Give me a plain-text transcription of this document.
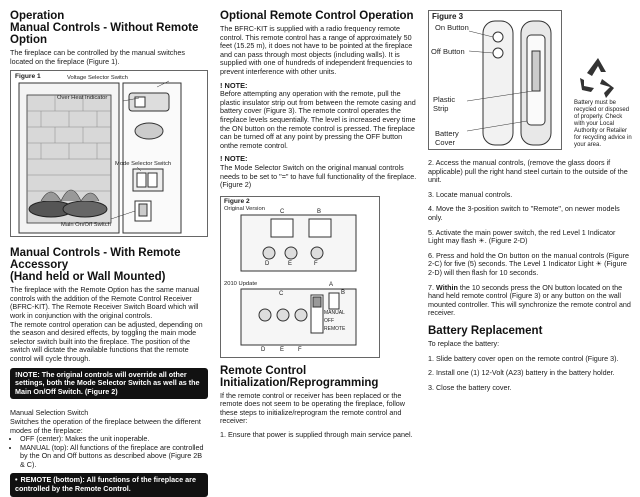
Operation
Manual Controls - Without Remote Option

The fireplace can be controlled by the manual switches located on the fireplace (Figure 1).

Figure 1	Voltage Selector Switch
Over Heat Indicator
Mode Selector Switch
Main On/Off Switch
Manual Controls - With Remote Accessory
(Hand held or Wall Mounted)

The fireplace with the Remote Option has the same manual controls with the addition of the Remote Control Receiver (BFRC-KIT). The Remote Receiver Switch Board which will work in conjunction with the original controls.

The remote control operation can be adjusted, depending on the season and desired effects, by toggling the main mode selector switch built into the fireplace. The position of the switch will dictate the available functions that the remote control will cycle through.

!NOTE: The original controls will override all other settings, both the Mode Selector Switch as well as the Main On/Off Switch. (Figure 2)

Manual Selection Switch

Switches the operation of the fireplace between the different modes of the fireplace:

• OFF (center): Makes the unit inoperable.
• MANUAL (top): All functions of the fireplace are controlled by the On and Off buttons as described above (Figure 2B & C).
• REMOTE (bottom): All functions of the fireplace are controlled by the Remote Control.
Optional Remote Control Operation

The BFRC-KIT is supplied with a radio frequency remote control. This remote control has a range of approximately 50 feet (15.25 m), it does not have to be pointed at the fireplace and can pass through most objects (including walls). It is supplied with one of hundreds of independent frequencies to prevent interference with other units.

! NOTE:

Before attempting any operation with the remote, pull the plastic insulator strip out from between the remote casing and battery cover (Figure 3). The remote control operates the fireplace levels sequentially. The level is increased every time the ON button on the remote control is pressed. The fireplace can be turned off at any point by pressing the OFF button onthe remote control.

! NOTE:

The Mode Selector Switch on the original manual controls needs to be set to "=" to have full functionality of the fireplace. (Figure 2)

Figure 2
Original Version
2010 Update
C	B
D	E	F
A
B
C
MANUAL
OFF
REMOTE
D E F
Remote Control
Initialization/Reprogramming

If the remote control or receiver has been replaced or the remote does not seem to be operating the fireplace, follow these steps to initialize/reprogram the remote control and receiver:

1. Ensure that power is supplied through main service panel.

Figure 3
On Button
Off Button
Plastic Strip
Battery Cover

Battery must be recycled or disposed of properly. Check with your Local Authority or Retailer for recycling advice in your area.

2. Access the manual controls, (remove the glass doors if applicable) pull the right hand steel curtain to the outside of the unit.

3. Locate manual controls.

4. Move the 3-position switch to "Remote", on newer models only.

5. Activate the main power switch, the red Level 1 Indicator Light may flash ☀. (Figure 2-D)

6. Press and hold the On button on the manual controls (Figure 2-C) for five (5) seconds. The Level 1 Indicator Light ☀ (Figure 2-D) will then flash for 10 seconds.

7. Within the 10 seconds press the ON button located on the hand held remote control (Figure 3) or any button on the wall mounted controller. This will synchronize the remote control and receiver.

Battery Replacement

To replace the battery:

1. Slide battery cover open on the remote control (Figure 3).

2. Install one (1) 12-Volt (A23) battery in the battery holder.

3. Close the battery cover.
